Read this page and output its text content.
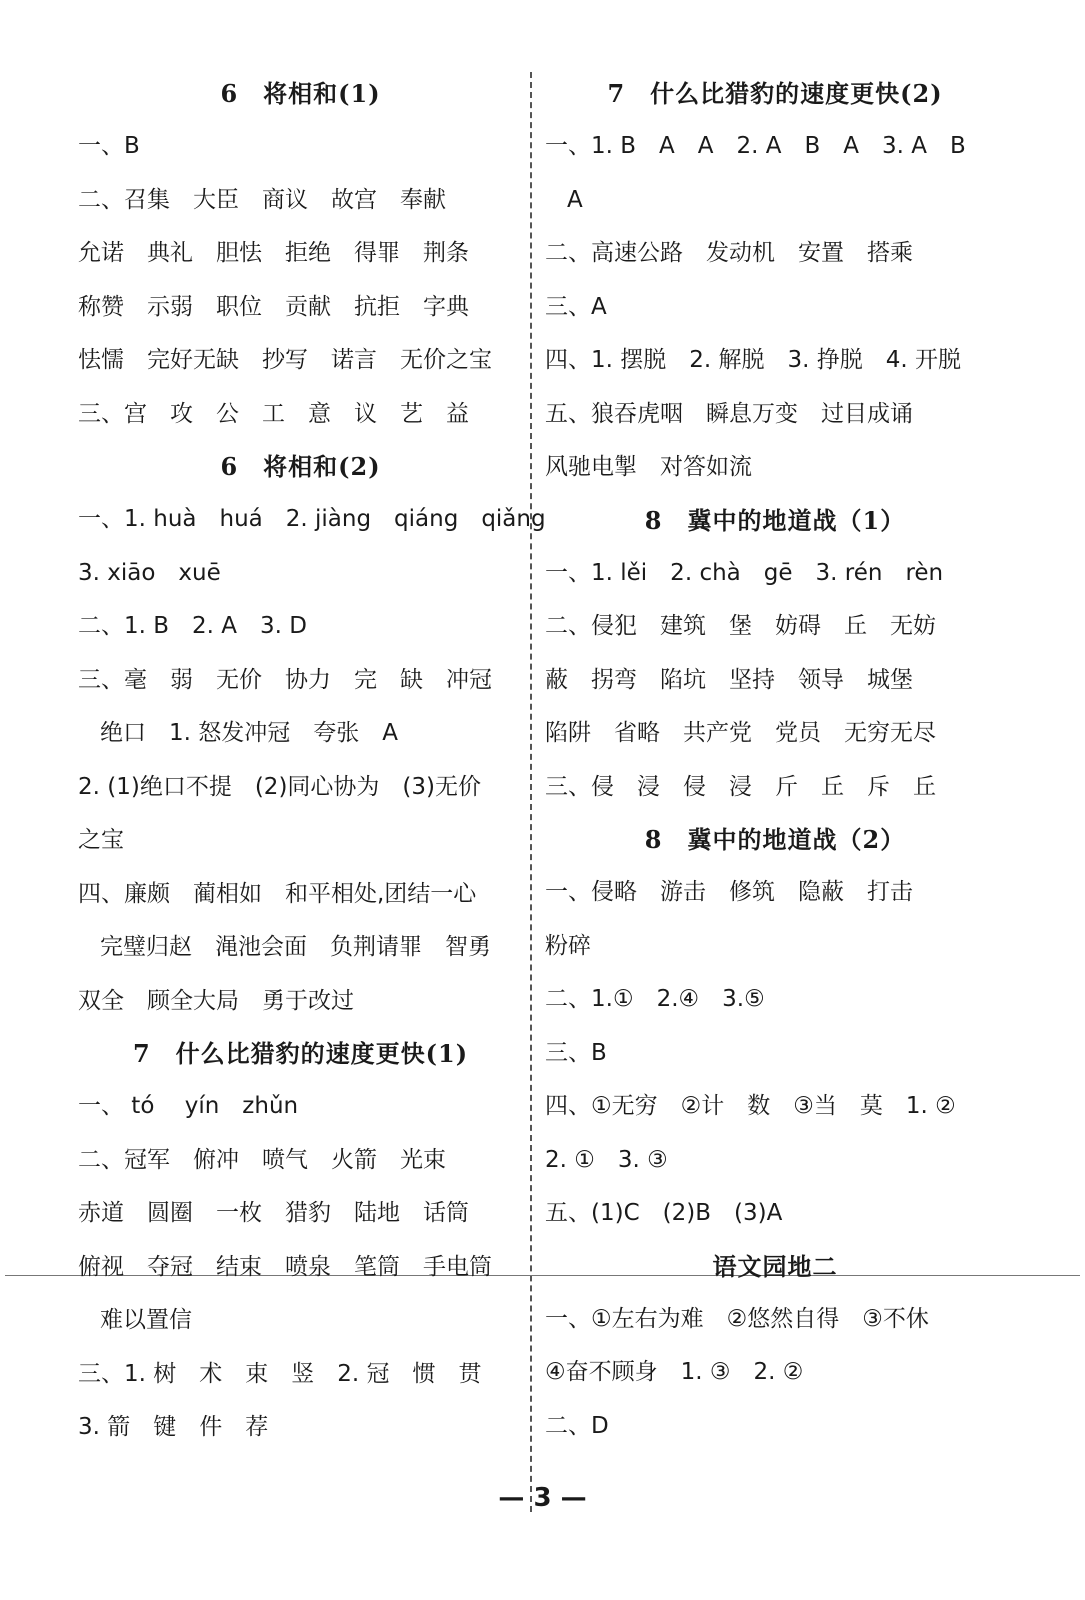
6　将相和(1)
一、B
二、召集　大臣　商议　故宫　奉献
允诺　典礼　胆怯　拒绝　得罪　荆条
称赞　示弱　职位　贡献　抗拒　字典
怯懦　完好无缺　抄写　诺言　无价之宝
三、宫　攻　公　工　意　议　艺　益
6　将相和(2)
一、1. huà　huá　2. jiàng　qiáng　qiǎng
3. xiāo　xuē
二、1. B　2. A　3. D
三、毫　弱　无价　协力　完　缺　冲冠
绝口　1. 怒发冲冠　夸张　A
2. (1)绝口不提　(2)同心协为　(3)无价
之宝
四、廉颇　蔺相如　和平相处,团结一心
完璧归赵　渑池会面　负荆请罪　智勇
双全　顾全大局　勇于改过
7　什么比猎豹的速度更快(1)
一、 tó　 yín　zhǔn
二、冠军　俯冲　喷气　火箭　光束
赤道　圆圈　一枚　猎豹　陆地　话筒
俯视　夺冠　结束　喷泉　笔筒　手电筒
难以置信
三、1. 树　术　束　竖　2. 冠　惯　贯
3. 箭　键　件　荐
7　什么比猎豹的速度更快(2)
一、1. B　A　A　2. A　B　A　3. A　B
A
二、高速公路　发动机　安置　搭乘
三、A
四、1. 摆脱　2. 解脱　3. 挣脱　4. 开脱
五、狼吞虎咽　瞬息万变　过目成诵
风驰电掣　对答如流
8　冀中的地道战（1）
一、1. lěi　2. chà　gē　3. rén　rèn
二、侵犯　建筑　堡　妨碍　丘　无妨
蔽　拐弯　陷坑　坚持　领导　城堡
陷阱　省略　共产党　党员　无穷无尽
三、侵　浸　侵　浸　斤　丘　斥　丘
8　冀中的地道战（2）
一、侵略　游击　修筑　隐蔽　打击
粉碎
二、1.①　2.④　3.⑤
三、B
四、①无穷　②计　数　③当　莫　1. ②
2. ①　3. ③
五、(1)C　(2)B　(3)A
语文园地二
一、①左右为难　②悠然自得　③不休
④奋不顾身　1. ③　2. ②
二、D
— 3 —
